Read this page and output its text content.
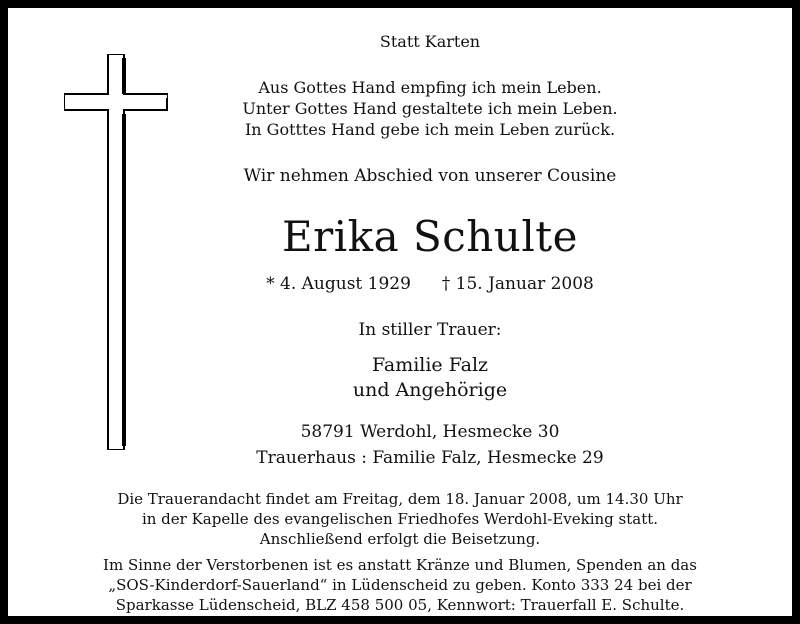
Statt Karten
Aus Gottes Hand empfing ich mein Leben.
Unter Gottes Hand gestaltete ich mein Leben.
In Gotttes Hand gebe ich mein Leben zurück.
Wir nehmen Abschied von unserer Cousine
Erika Schulte
* 4. August 1929 † 15. Januar 2008
In stiller Trauer:
Familie Falz
und Angehörige
58791 Werdohl, Hesmecke 30
Trauerhaus : Familie Falz, Hesmecke 29
Die Trauerandacht findet am Freitag, dem 18. Januar 2008, um 14.30 Uhr
in der Kapelle des evangelischen Friedhofes Werdohl-Eveking statt.
Anschließend erfolgt die Beisetzung.
Im Sinne der Verstorbenen ist es anstatt Kränze und Blumen, Spenden an das
„SOS-Kinderdorf-Sauerland“ in Lüdenscheid zu geben. Konto 333 24 bei der
Sparkasse Lüdenscheid, BLZ 458 500 05, Kennwort: Trauerfall E. Schulte.
